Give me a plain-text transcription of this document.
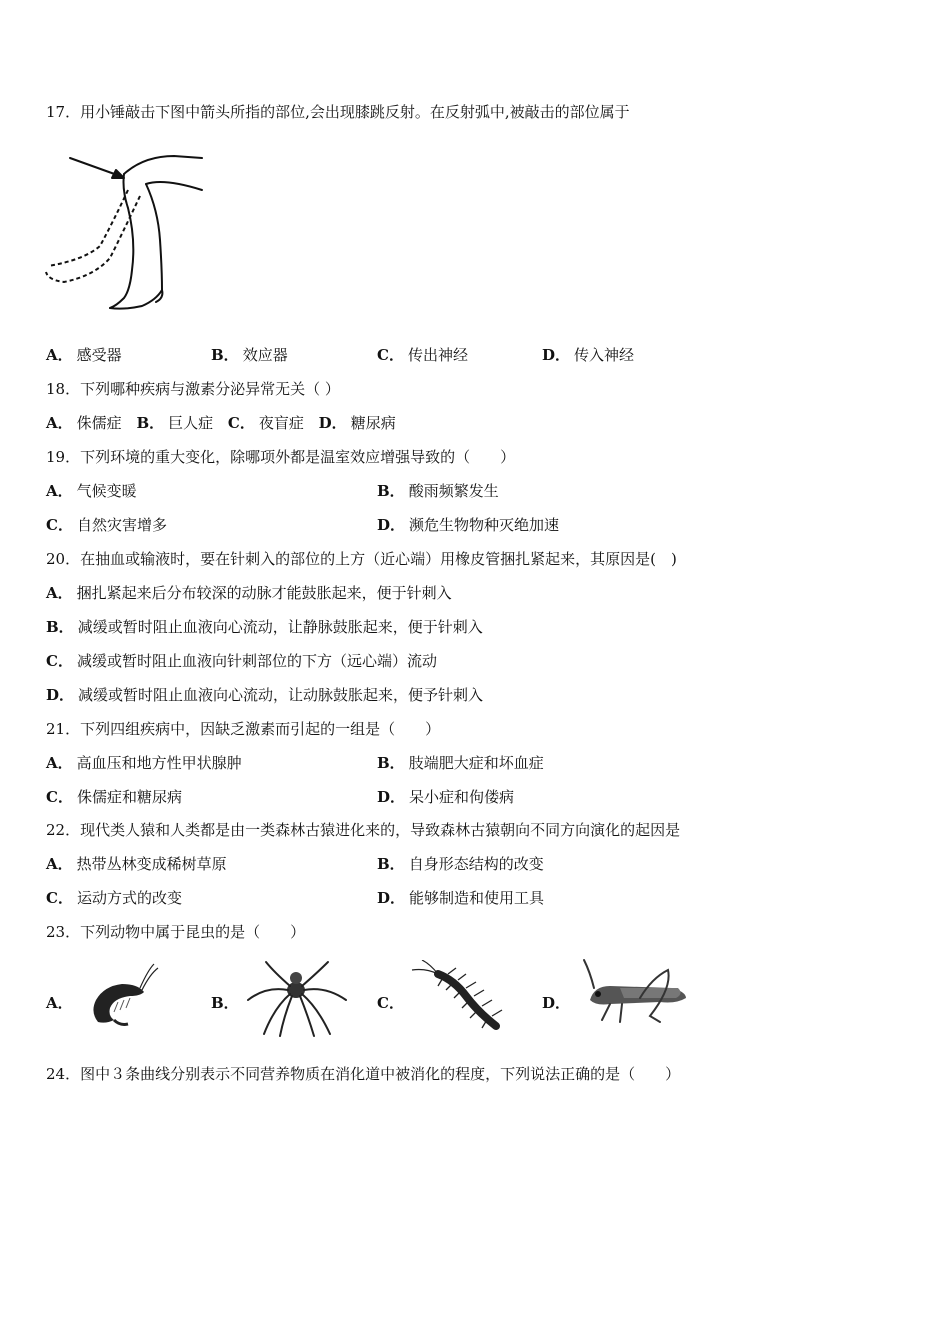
17．用小锤敲击下图中箭头所指的部位,会出现膝跳反射。在反射弧中,被敲击的部位属于
A． 感受器	B． 效应器	C． 传出神经	D． 传入神经
18．下列哪种疾病与激素分泌异常无关（ ）
A． 侏儒症 B． 巨人症 C． 夜盲症 D． 糖尿病
19．下列环境的重大变化，除哪项外都是温室效应增强导致的（　　）
A． 气候变暖	B． 酸雨频繁发生
C． 自然灾害增多	D． 濒危生物物种灭绝加速
20．在抽血或输液时，要在针刺入的部位的上方（近心端）用橡皮管捆扎紧起来，其原因是(　)
A． 捆扎紧起来后分布较深的动脉才能鼓胀起来，便于针刺入
B． 减缓或暂时阻止血液向心流动，让静脉鼓胀起来，便于针刺入
C． 减缓或暂时阻止血液向针刺部位的下方（远心端）流动
D． 减缓或暂时阻止血液向心流动，让动脉鼓胀起来，便予针刺入
21．下列四组疾病中，因缺乏激素而引起的一组是（　　）
A． 高血压和地方性甲状腺肿	B． 肢端肥大症和坏血症
C． 侏儒症和糖尿病	D． 呆小症和佝偻病
22．现代类人猿和人类都是由一类森林古猿进化来的，导致森林古猿朝向不同方向演化的起因是
A． 热带丛林变成稀树草原	B． 自身形态结构的改变
C． 运动方式的改变	D． 能够制造和使用工具
23．下列动物中属于昆虫的是（　　）
A．	B．	C．	D．
24．图中３条曲线分别表示不同营养物质在消化道中被消化的程度，下列说法正确的是（　　）
